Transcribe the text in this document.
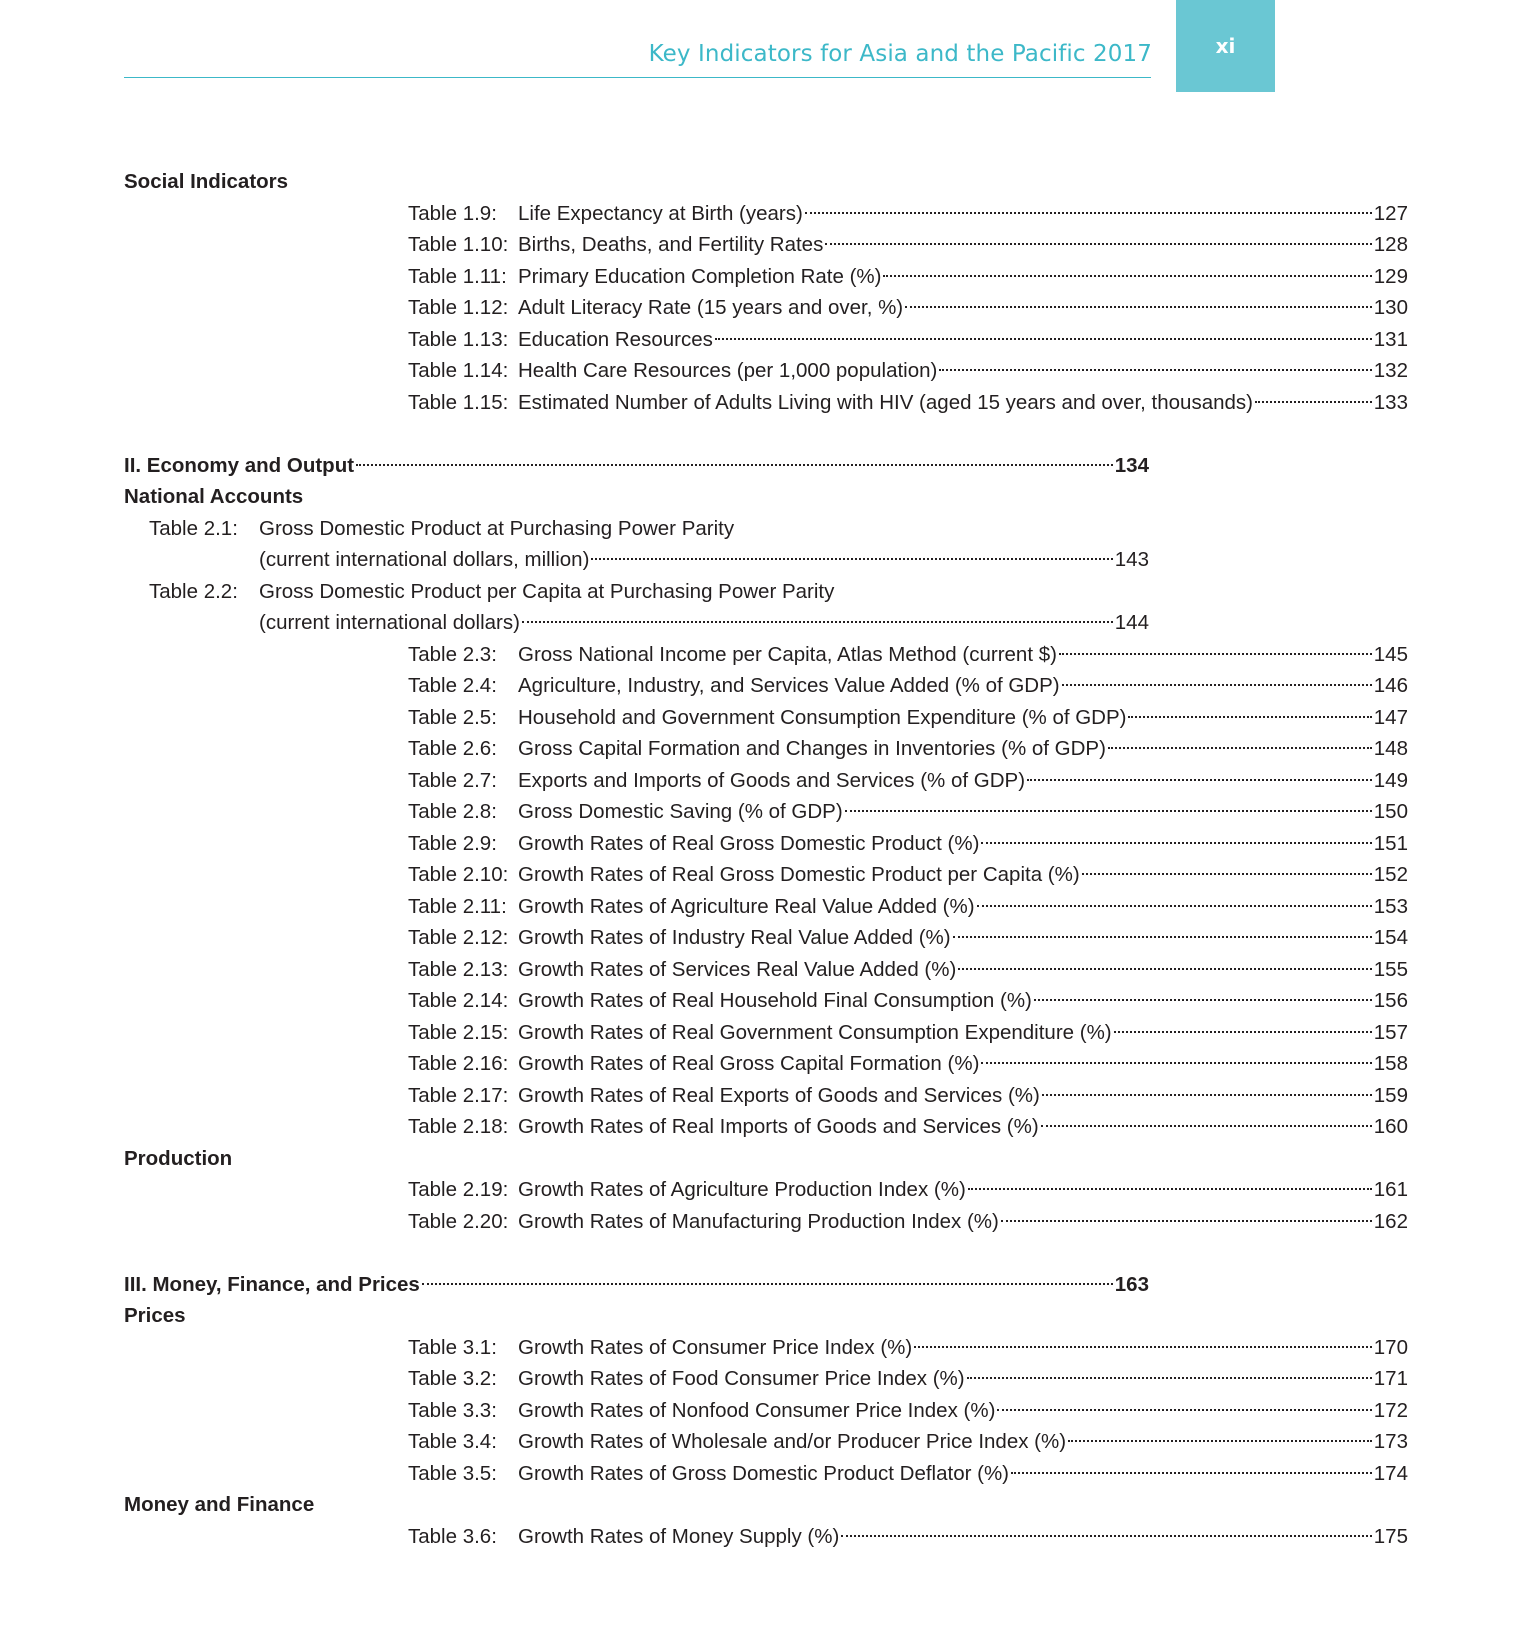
xi
Key Indicators for Asia and the Pacific 2017
Social Indicators
Table 1.9: Life Expectancy at Birth (years)	127
Table 1.10: Births, Deaths, and Fertility Rates	128
Table 1.11: Primary Education Completion Rate (%)	129
Table 1.12: Adult Literacy Rate (15 years and over, %)	130
Table 1.13: Education Resources	131
Table 1.14: Health Care Resources (per 1,000 population)	132
Table 1.15: Estimated Number of Adults Living with HIV (aged 15 years and over, thousands)	133
II. Economy and Output	134
National Accounts
Table 2.1: Gross Domestic Product at Purchasing Power Parity
(current international dollars, million)	143
Table 2.2: Gross Domestic Product per Capita at Purchasing Power Parity
(current international dollars)	144
Table 2.3: Gross National Income per Capita, Atlas Method (current $)	145
Table 2.4: Agriculture, Industry, and Services Value Added (% of GDP)	146
Table 2.5: Household and Government Consumption Expenditure (% of GDP)	147
Table 2.6: Gross Capital Formation and Changes in Inventories (% of GDP)	148
Table 2.7: Exports and Imports of Goods and Services (% of GDP)	149
Table 2.8: Gross Domestic Saving (% of GDP)	150
Table 2.9: Growth Rates of Real Gross Domestic Product (%)	151
Table 2.10: Growth Rates of Real Gross Domestic Product per Capita (%)	152
Table 2.11: Growth Rates of Agriculture Real Value Added (%)	153
Table 2.12: Growth Rates of Industry Real Value Added (%)	154
Table 2.13: Growth Rates of Services Real Value Added (%)	155
Table 2.14: Growth Rates of Real Household Final Consumption (%)	156
Table 2.15: Growth Rates of Real Government Consumption Expenditure (%)	157
Table 2.16: Growth Rates of Real Gross Capital Formation (%)	158
Table 2.17: Growth Rates of Real Exports of Goods and Services (%)	159
Table 2.18: Growth Rates of Real Imports of Goods and Services (%)	160
Production
Table 2.19: Growth Rates of Agriculture Production Index (%)	161
Table 2.20: Growth Rates of Manufacturing Production Index (%)	162
III. Money, Finance, and Prices	163
Prices
Table 3.1: Growth Rates of Consumer Price Index (%)	170
Table 3.2: Growth Rates of Food Consumer Price Index (%)	171
Table 3.3: Growth Rates of Nonfood Consumer Price Index (%)	172
Table 3.4: Growth Rates of Wholesale and/or Producer Price Index (%)	173
Table 3.5: Growth Rates of Gross Domestic Product Deflator (%)	174
Money and Finance
Table 3.6: Growth Rates of Money Supply (%)	175
